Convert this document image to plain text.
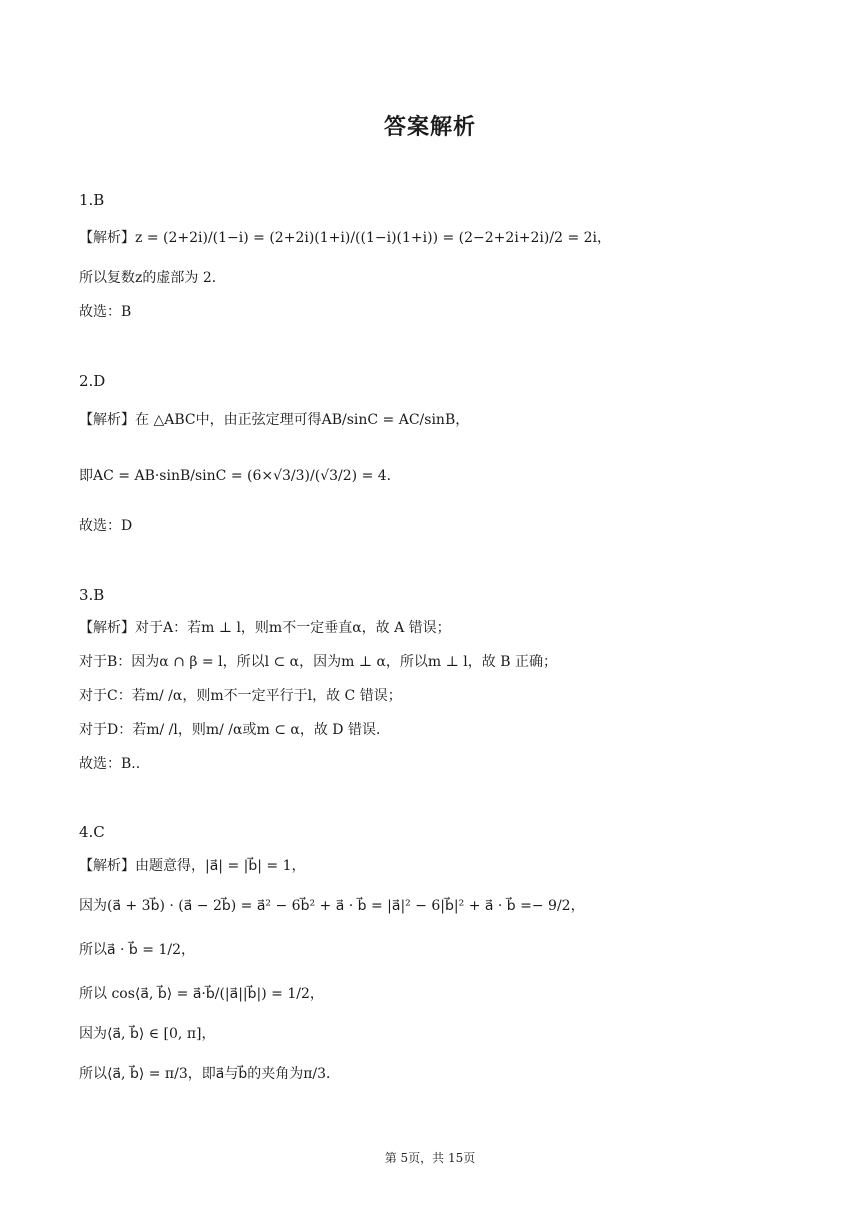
答案解析
1.B
【解析】z = (2+2i)/(1−i) = (2+2i)(1+i)/((1−i)(1+i)) = (2−2+2i+2i)/2 = 2i，
所以复数z的虚部为 2．
故选：B
2.D
【解析】在 △ABC中，由正弦定理可得AB/sinC = AC/sinB，
即AC = AB·sinB/sinC = (6×√3/3)/(√3/2) = 4．
故选：D
3.B
【解析】对于A：若m ⊥ l，则m不一定垂直α，故 A 错误；
对于B：因为α ∩ β = l，所以l ⊂ α，因为m ⊥ α，所以m ⊥ l，故 B 正确；
对于C：若m/ /α，则m不一定平行于l，故 C 错误；
对于D：若m/ /l，则m/ /α或m ⊂ α，故 D 错误．
故选：B..
4.C
【解析】由题意得，|a⃗| = |b⃗| = 1，
因为(a⃗ + 3b⃗) · (a⃗ − 2b⃗) = a⃗² − 6b⃗² + a⃗ · b⃗ = |a⃗|² − 6|b⃗|² + a⃗ · b⃗ =− 9/2，
所以a⃗ · b⃗ = 1/2，
所以 cos⟨a⃗, b⃗⟩ = a⃗·b⃗/(|a⃗||b⃗|) = 1/2，
因为⟨a⃗, b⃗⟩ ∈ [0, π]，
所以⟨a⃗, b⃗⟩ = π/3，即a⃗与b⃗的夹角为π/3．
第 5页，共 15页
